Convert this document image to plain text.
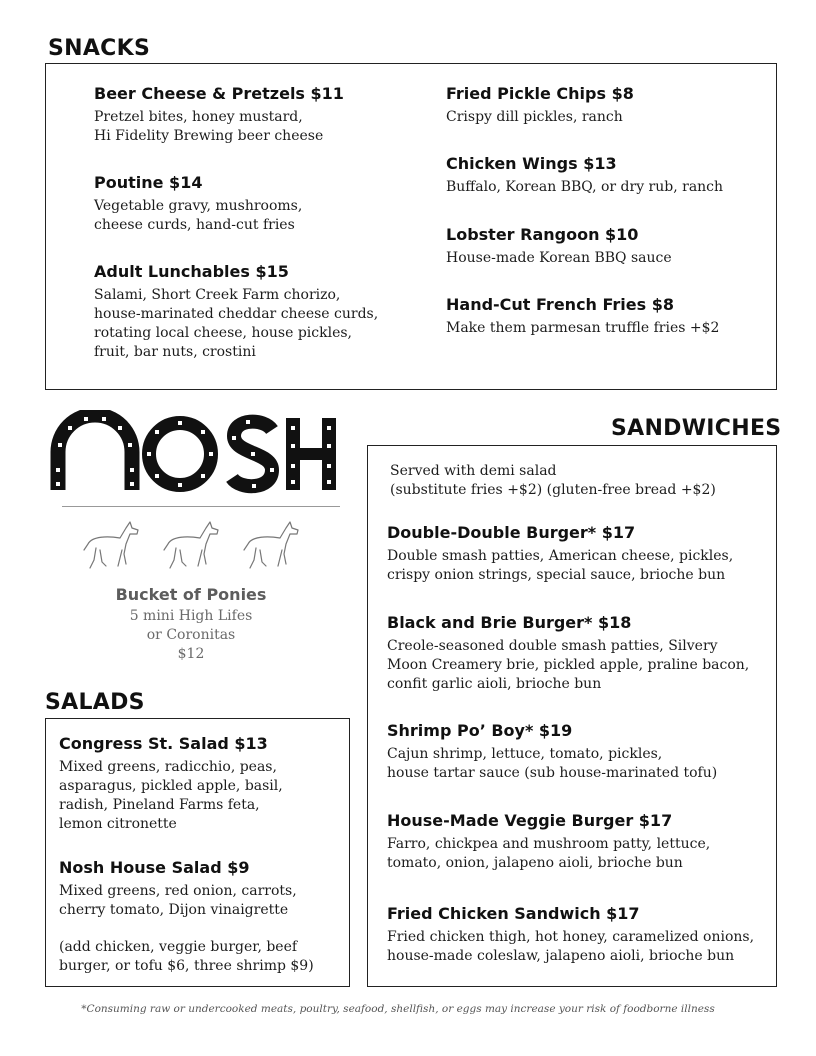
SNACKS
Beer Cheese & Pretzels $11

Pretzel bites, honey mustard,
Hi Fidelity Brewing beer cheese

Poutine $14

Vegetable gravy, mushrooms,
cheese curds, hand-cut fries

Adult Lunchables $15

Salami, Short Creek Farm chorizo,
house-marinated cheddar cheese curds,
rotating local cheese, house pickles,
fruit, bar nuts, crostini

Fried Pickle Chips $8

Crispy dill pickles, ranch

Chicken Wings $13

Buffalo, Korean BBQ, or dry rub, ranch

Lobster Rangoon $10

House-made Korean BBQ sauce

Hand-Cut French Fries $8

Make them parmesan truffle fries +$2

Bucket of Ponies
5 mini High Lifes
or Coronitas
$12
SALADS
Congress St. Salad $13

Mixed greens, radicchio, peas,
asparagus, pickled apple, basil,
radish, Pineland Farms feta,
lemon citronette

Nosh House Salad $9

Mixed greens, red onion, carrots,
cherry tomato, Dijon vinaigrette

(add chicken, veggie burger, beef
burger, or tofu $6, three shrimp $9)
SANDWICHES
Served with demi salad
(substitute fries +$2) (gluten-free bread +$2)
Double-Double Burger* $17

Double smash patties, American cheese, pickles,
crispy onion strings, special sauce, brioche bun

Black and Brie Burger* $18

Creole-seasoned double smash patties, Silvery
Moon Creamery brie, pickled apple, praline bacon,
confit garlic aioli, brioche bun

Shrimp Po’ Boy* $19

Cajun shrimp, lettuce, tomato, pickles,
house tartar sauce (sub house-marinated tofu)

House-Made Veggie Burger $17

Farro, chickpea and mushroom patty, lettuce,
tomato, onion, jalapeno aioli, brioche bun

Fried Chicken Sandwich $17

Fried chicken thigh, hot honey, caramelized onions,
house-made coleslaw, jalapeno aioli, brioche bun

*Consuming raw or undercooked meats, poultry, seafood, shellfish, or eggs may increase your risk of foodborne illness
